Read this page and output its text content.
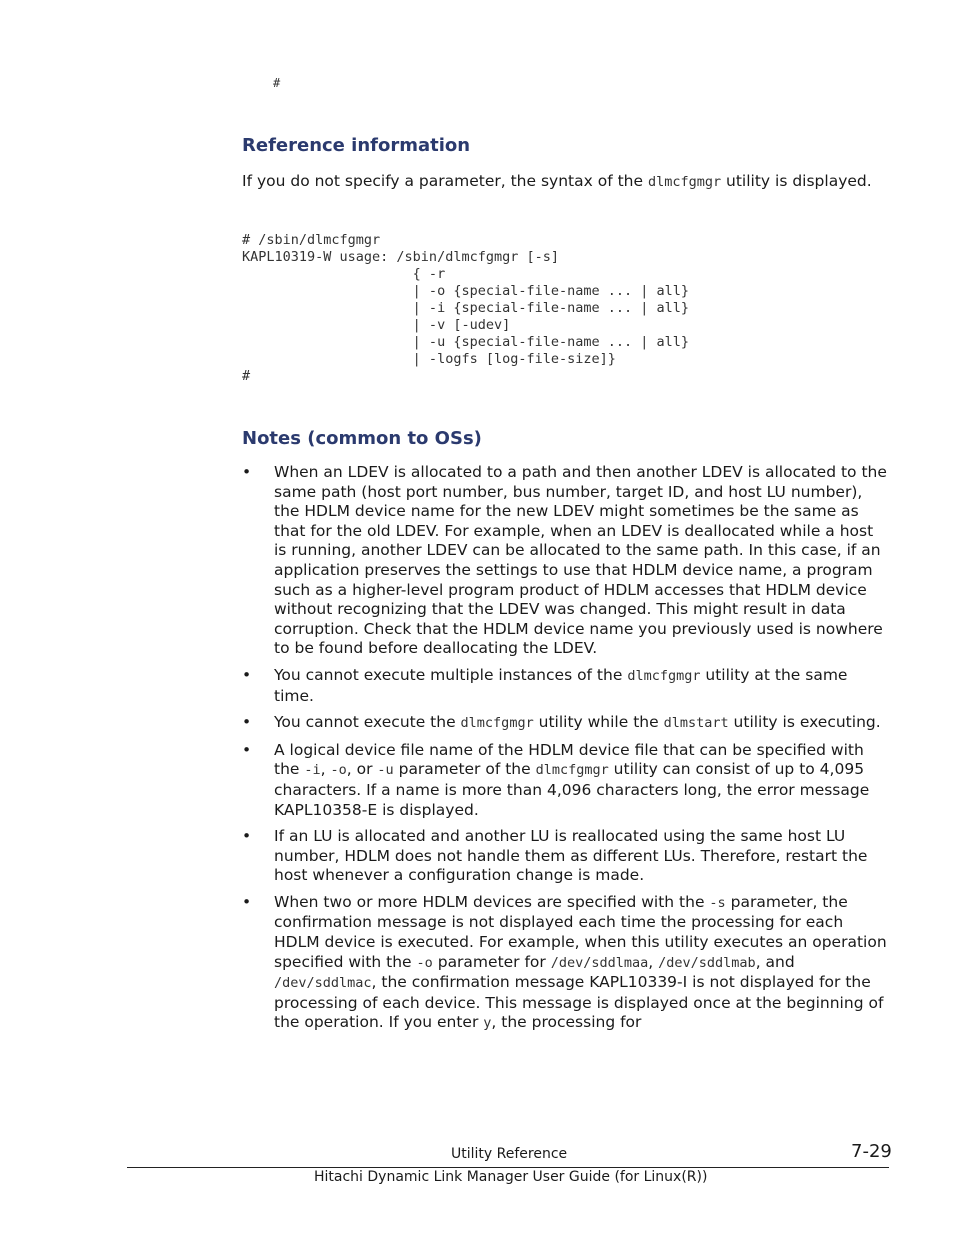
#
Reference information
If you do not specify a parameter, the syntax of the dlmcfgmgr utility is displayed.
# /sbin/dlmcfgmgr
KAPL10319-W usage: /sbin/dlmcfgmgr [-s]
{ -r
| -o {special-file-name ... | all}
| -i {special-file-name ... | all}
| -v [-udev]
| -u {special-file-name ... | all}
| -logfs [log-file-size]}
#
Notes (common to OSs)
• When an LDEV is allocated to a path and then another LDEV is allocated to the same path (host port number, bus number, target ID, and host LU number), the HDLM device name for the new LDEV might sometimes be the same as that for the old LDEV. For example, when an LDEV is deallocated while a host is running, another LDEV can be allocated to the same path. In this case, if an application preserves the settings to use that HDLM device name, a program such as a higher-level program product of HDLM accesses that HDLM device without recognizing that the LDEV was changed. This might result in data corruption. Check that the HDLM device name you previously used is nowhere to be found before deallocating the LDEV.
• You cannot execute multiple instances of the dlmcfgmgr utility at the same time.
• You cannot execute the dlmcfgmgr utility while the dlmstart utility is executing.
• A logical device file name of the HDLM device file that can be specified with the -i, -o, or -u parameter of the dlmcfgmgr utility can consist of up to 4,095 characters. If a name is more than 4,096 characters long, the error message KAPL10358-E is displayed.
• If an LU is allocated and another LU is reallocated using the same host LU number, HDLM does not handle them as different LUs. Therefore, restart the host whenever a configuration change is made.
• When two or more HDLM devices are specified with the -s parameter, the confirmation message is not displayed each time the processing for each HDLM device is executed. For example, when this utility executes an operation specified with the -o parameter for /dev/sddlmaa, /dev/sddlmab, and /dev/sddlmac, the confirmation message KAPL10339-I is not displayed for the processing of each device. This message is displayed once at the beginning of the operation. If you enter y, the processing for
Utility Reference	7-29
Hitachi Dynamic Link Manager User Guide (for Linux(R))
